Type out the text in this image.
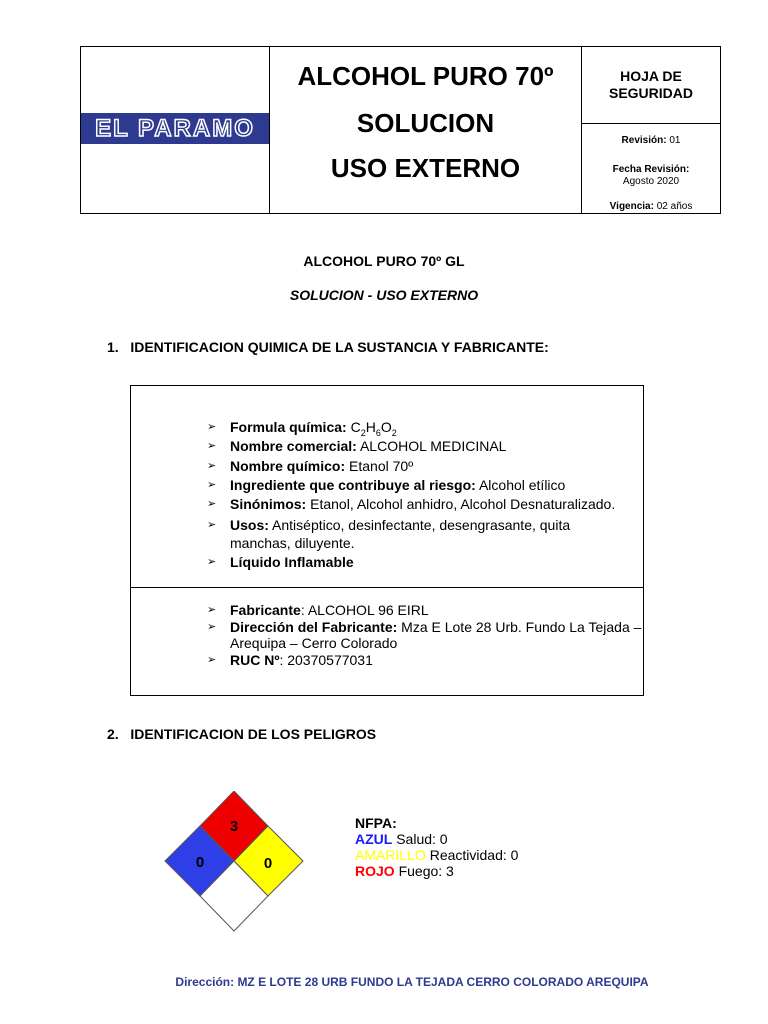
EL PARAMO
ALCOHOL PURO 70º
SOLUCION
USO EXTERNO
HOJA DE SEGURIDAD
Revisión: 01
Fecha Revisión:
Agosto 2020
Vigencia: 02 años
ALCOHOL PURO 70º GL
SOLUCION - USO EXTERNO
1.   IDENTIFICACION QUIMICA DE LA SUSTANCIA Y FABRICANTE:
➢ Formula química: $C_2H_6O_2$
➢ Nombre comercial: ALCOHOL MEDICINAL
➢ Nombre químico: Etanol 70º
➢ Ingrediente que contribuye al riesgo: Alcohol etílico
➢ Sinónimos: Etanol, Alcohol anhidro, Alcohol Desnaturalizado.
➢ Usos: Antiséptico, desinfectante, desengrasante, quita
manchas, diluyente.
➢ Líquido Inflamable
➢ Fabricante: ALCOHOL 96 EIRL
➢ Dirección del Fabricante: Mza E Lote 28 Urb. Fundo La Tejada –
Arequipa – Cerro Colorado
➢ RUC Nº: 20370577031
2.   IDENTIFICACION DE LOS PELIGROS
3
0	0
NFPA:
AZUL Salud: 0
AMARILLO Reactividad: 0
ROJO Fuego: 3
Dirección: MZ E LOTE 28 URB FUNDO LA TEJADA CERRO COLORADO AREQUIPA
